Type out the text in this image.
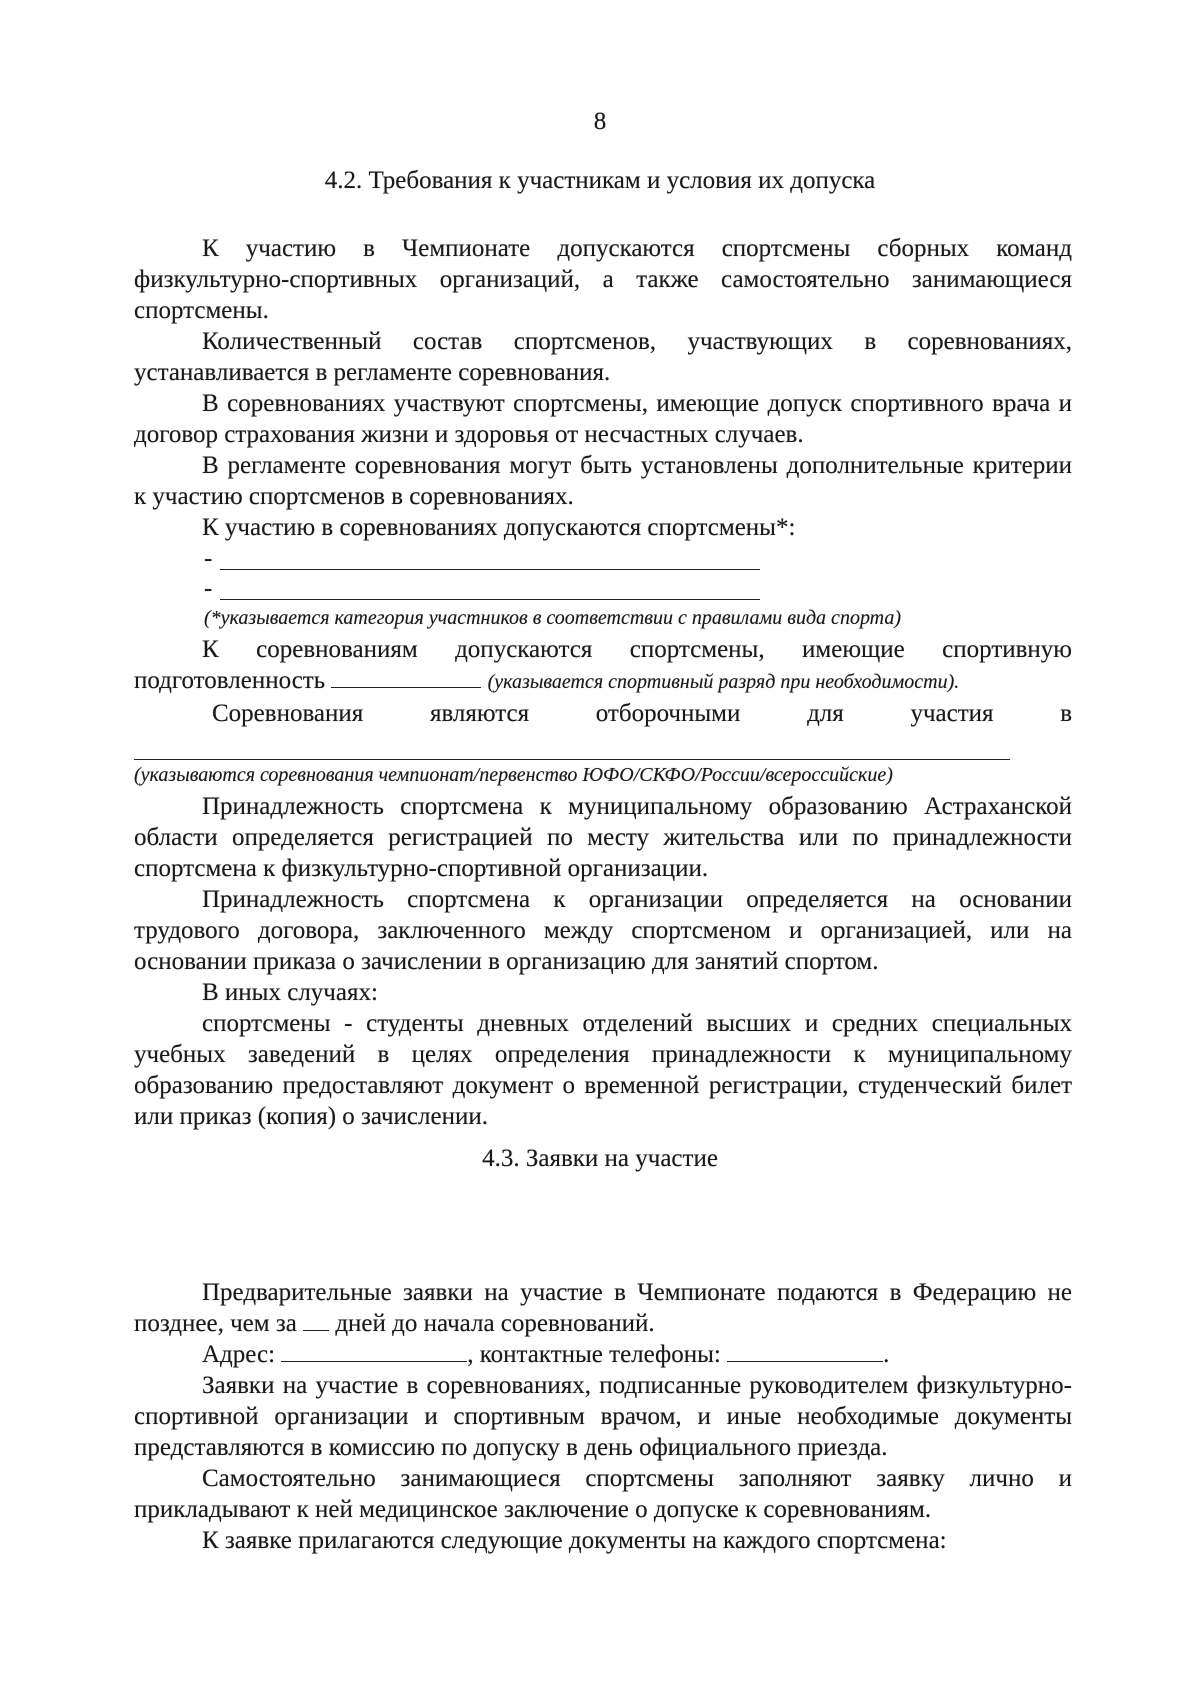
8
4.2. Требования к участникам и условия их допуска

К участию в Чемпионате допускаются спортсмены сборных команд физкультурно-спортивных организаций, а также самостоятельно занимающиеся спортсмены.

Количественный состав спортсменов, участвующих в соревнованиях, устанавливается в регламенте соревнования.

В соревнованиях участвуют спортсмены, имеющие допуск спортивного врача и договор страхования жизни и здоровья от несчастных случаев.

В регламенте соревнования могут быть установлены дополнительные критерии к участию спортсменов в соревнованиях.

К участию в соревнованиях допускаются спортсмены*:

-
-

(*указывается категория участников в соответствии с правилами вида спорта)

К соревнованиям допускаются спортсмены, имеющие спортивную подготовленность	(указывается спортивный разряд при необходимости).

Соревнования являются отборочными для участия в

(указываются соревнования чемпионат/первенство ЮФО/СКФО/России/всероссийские)

Принадлежность спортсмена к муниципальному образованию Астраханской области определяется регистрацией по месту жительства или по принадлежности спортсмена к физкультурно-спортивной организации.

Принадлежность спортсмена к организации определяется на основании трудового договора, заключенного между спортсменом и организацией, или на основании приказа о зачислении в организацию для занятий спортом.

В иных случаях:

спортсмены - студенты дневных отделений высших и средних специальных учебных заведений в целях определения принадлежности к муниципальному образованию предоставляют документ о временной регистрации, студенческий билет или приказ (копия) о зачислении.

4.3. Заявки на участие

Предварительные заявки на участие в Чемпионате подаются в Федерацию не позднее, чем за дней до начала соревнований.

Адрес:	, контактные телефоны:	.

Заявки на участие в соревнованиях, подписанные руководителем физкультурно-спортивной организации и спортивным врачом, и иные необходимые документы представляются в комиссию по допуску в день официального приезда.

Самостоятельно занимающиеся спортсмены заполняют заявку лично и прикладывают к ней медицинское заключение о допуске к соревнованиям.

К заявке прилагаются следующие документы на каждого спортсмена:
